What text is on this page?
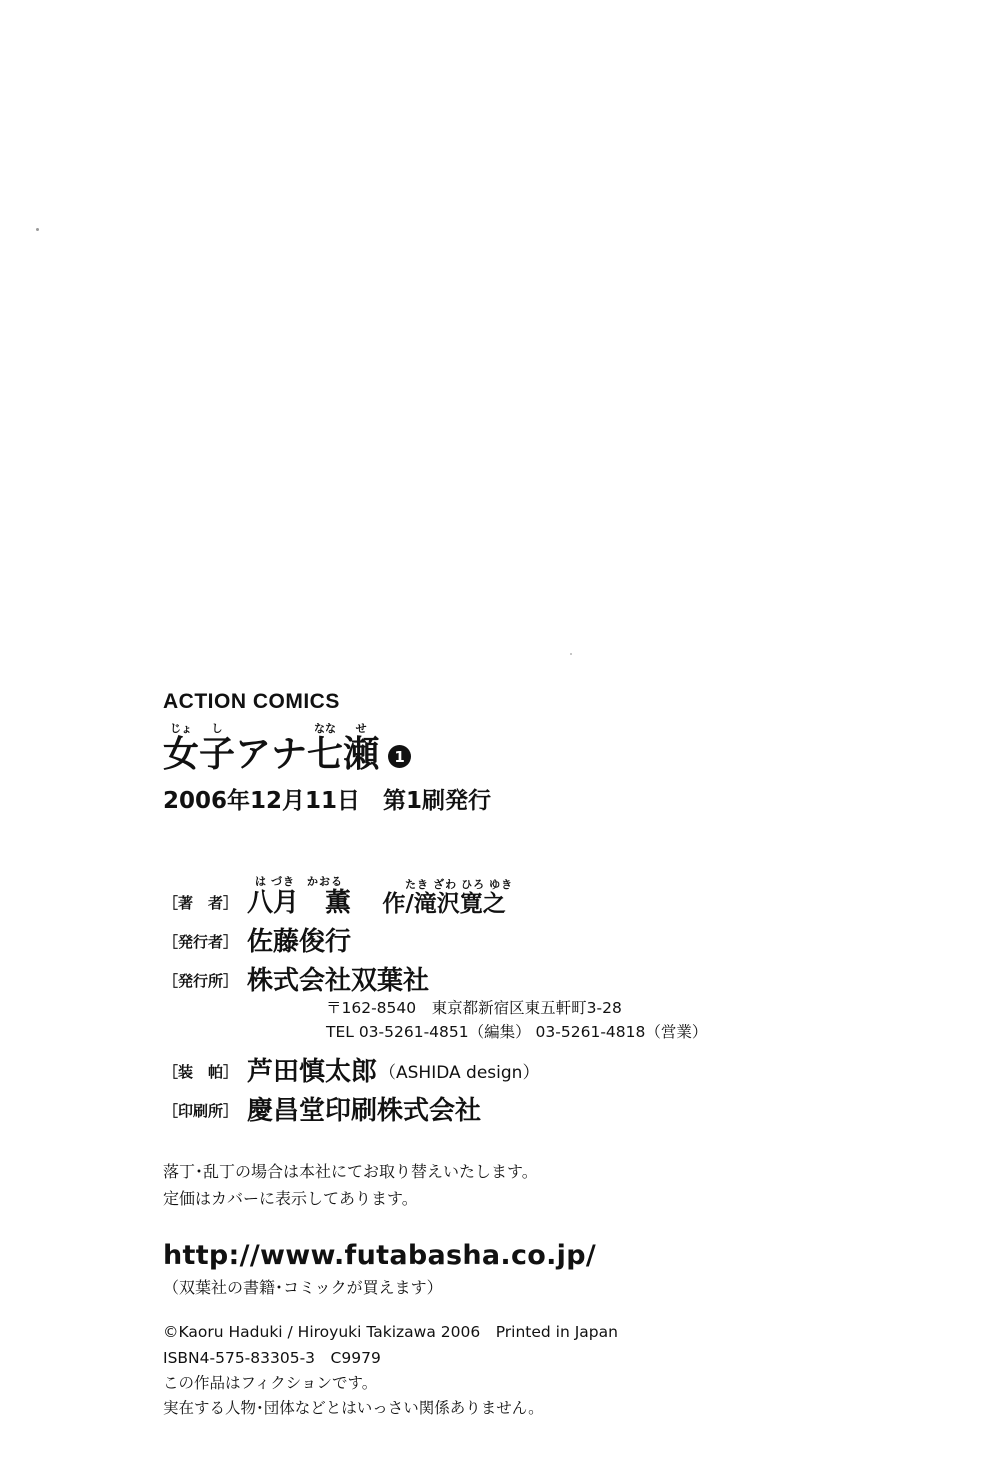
ACTION COMICS
じょ
女
し
子 アナ
なな
七
せ
瀬	1
2006年12月11日　第1刷発行
［著　者］
は づき　かおる
八月　薫
たき ざわ ひろ ゆき
作/滝沢寛之
［発行者］ 佐藤俊行
［発行所］ 株式会社双葉社
〒162-8540　東京都新宿区東五軒町3-28
TEL 03-5261-4851（編集） 03-5261-4818（営業）
［装　帕］ 芦田慎太郎 （ASHIDA design）
［印刷所］ 慶昌堂印刷株式会社
落丁･乱丁の場合は本社にてお取り替えいたします。
定価はカバーに表示してあります。
http://www.futabasha.co.jp/
（双葉社の書籍･コミックが買えます）
©Kaoru Haduki / Hiroyuki Takizawa 2006　Printed in Japan
ISBN4-575-83305-3　C9979
この作品はフィクションです。
実在する人物･団体などとはいっさい関係ありません。
